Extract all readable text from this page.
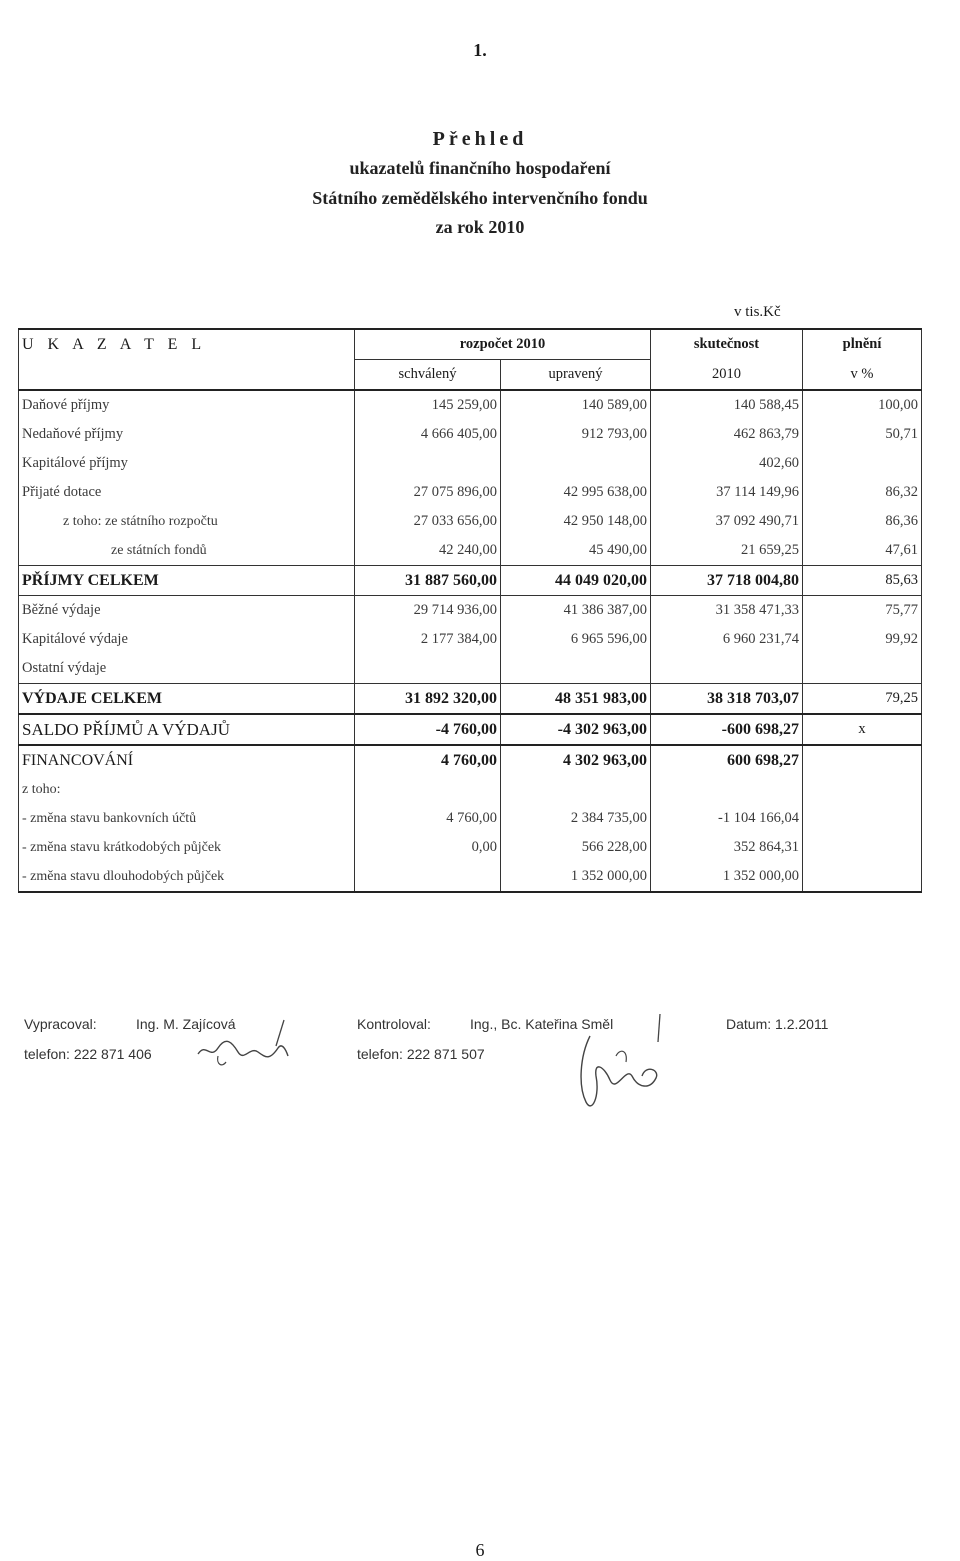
1.
Přehled
ukazatelů finančního hospodaření
Státního zemědělského intervenčního fondu
za rok 2010
v tis.Kč
U K A Z A T E L	rozpočet 2010		skutečnost	plnění
	schválený	upravený	2010	v %
Daňové příjmy	145 259,00	140 589,00	140 588,45	100,00
Nedaňové příjmy	4 666 405,00	912 793,00	462 863,79	50,71
Kapitálové příjmy			402,60	
Přijaté dotace	27 075 896,00	42 995 638,00	37 114 149,96	86,32
z toho: ze státního rozpočtu	27 033 656,00	42 950 148,00	37 092 490,71	86,36
ze státních fondů	42 240,00	45 490,00	21 659,25	47,61
PŘÍJMY CELKEM	31 887 560,00	44 049 020,00	37 718 004,80	85,63
Běžné výdaje	29 714 936,00	41 386 387,00	31 358 471,33	75,77
Kapitálové výdaje	2 177 384,00	6 965 596,00	6 960 231,74	99,92
Ostatní výdaje				
VÝDAJE CELKEM	31 892 320,00	48 351 983,00	38 318 703,07	79,25
SALDO PŘÍJMŮ A VÝDAJŮ	-4 760,00	-4 302 963,00	-600 698,27	x
FINANCOVÁNÍ	4 760,00	4 302 963,00	600 698,27	
z toho:				
- změna stavu bankovních účtů	4 760,00	2 384 735,00	-1 104 166,04	
- změna stavu krátkodobých půjček	0,00	566 228,00	352 864,31	
- změna stavu dlouhodobých půjček		1 352 000,00	1 352 000,00	
Vypracoval:	Ing. M. Zajícová
telefon: 222 871 406
Kontroloval:	Ing., Bc. Kateřina Směl
telefon: 222 871 507
Datum: 1.2.2011
6
